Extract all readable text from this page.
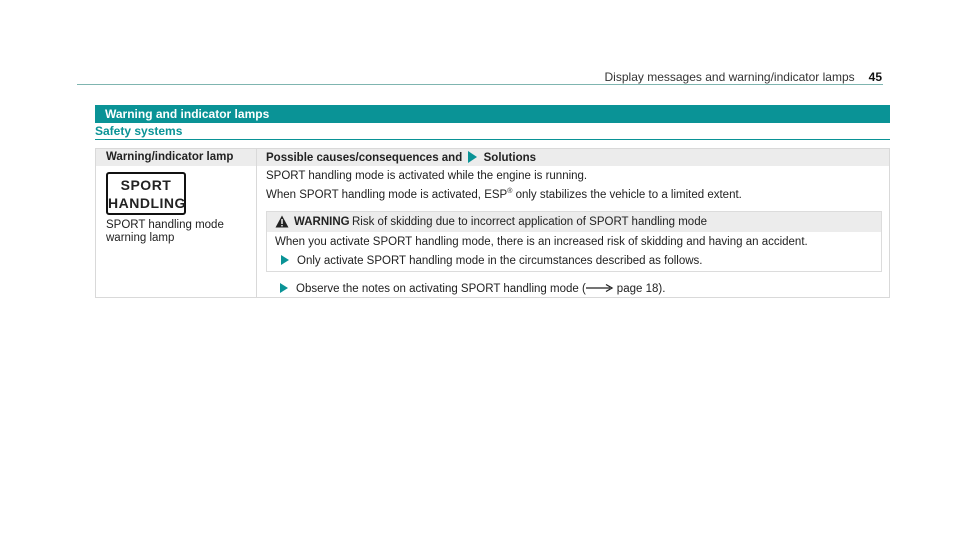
Display messages and warning/indicator lamps 45
Warning and indicator lamps
Safety systems
Warning/indicator lamp	Possible causes/consequences and Solutions
SPORT
HANDLING
SPORT handling mode
warning lamp
SPORT handling mode is activated while the engine is running.
When SPORT handling mode is activated, ESP® only stabilizes the vehicle to a limited extent.
WARNING Risk of skidding due to incorrect application of SPORT handling mode
When you activate SPORT handling mode, there is an increased risk of skidding and having an accident.
Only activate SPORT handling mode in the circumstances described as follows.
Observe the notes on activating SPORT handling mode (	page 18).
